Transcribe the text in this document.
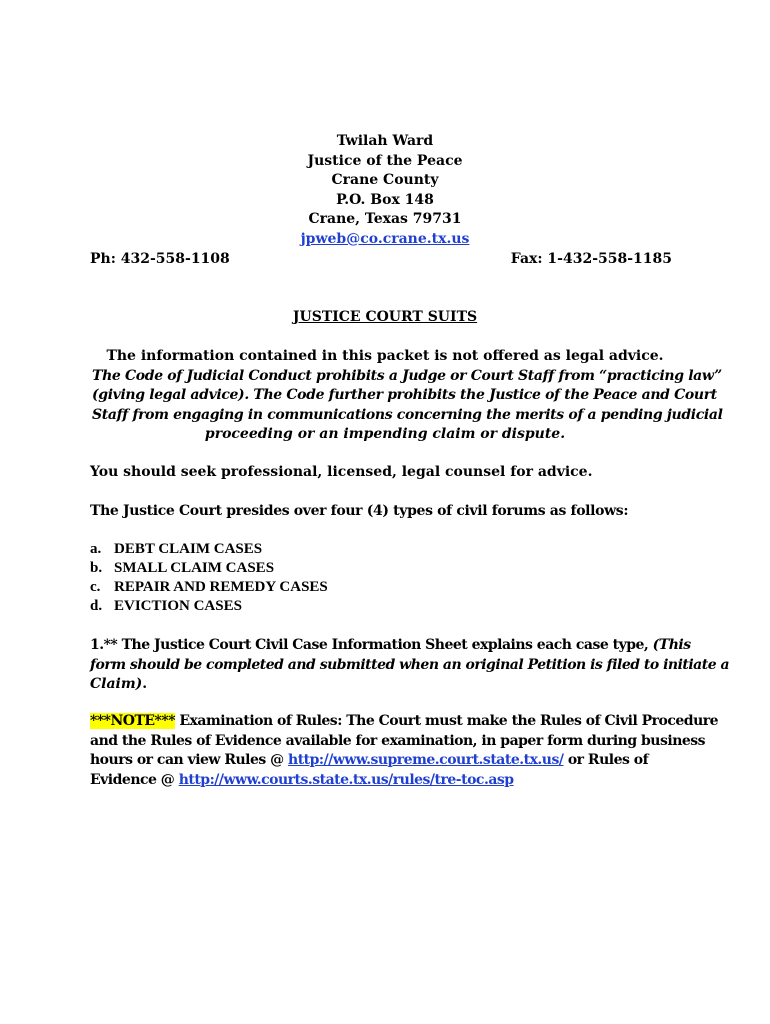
Twilah Ward
Justice of the Peace
Crane County
P.O. Box 148
Crane, Texas 79731
jpweb@co.crane.tx.us
Ph: 432-558-1108	Fax: 1-432-558-1185
JUSTICE COURT SUITS
The information contained in this packet is not offered as legal advice.
The Code of Judicial Conduct prohibits a Judge or Court Staff from “practicing law”
(giving legal advice). The Code further prohibits the Justice of the Peace and Court
Staff from engaging in communications concerning the merits of a pending judicial
proceeding or an impending claim or dispute.
You should seek professional, licensed, legal counsel for advice.
The Justice Court presides over four (4) types of civil forums as follows:
a. DEBT CLAIM CASES
b. SMALL CLAIM CASES
c. REPAIR AND REMEDY CASES
d. EVICTION CASES
1.** The Justice Court Civil Case Information Sheet explains each case type, (This
form should be completed and submitted when an original Petition is filed to initiate a
Claim).
***NOTE*** Examination of Rules: The Court must make the Rules of Civil Procedure
and the Rules of Evidence available for examination, in paper form during business
hours or can view Rules @ http://www.supreme.court.state.tx.us/ or Rules of
Evidence @ http://www.courts.state.tx.us/rules/tre-toc.asp
